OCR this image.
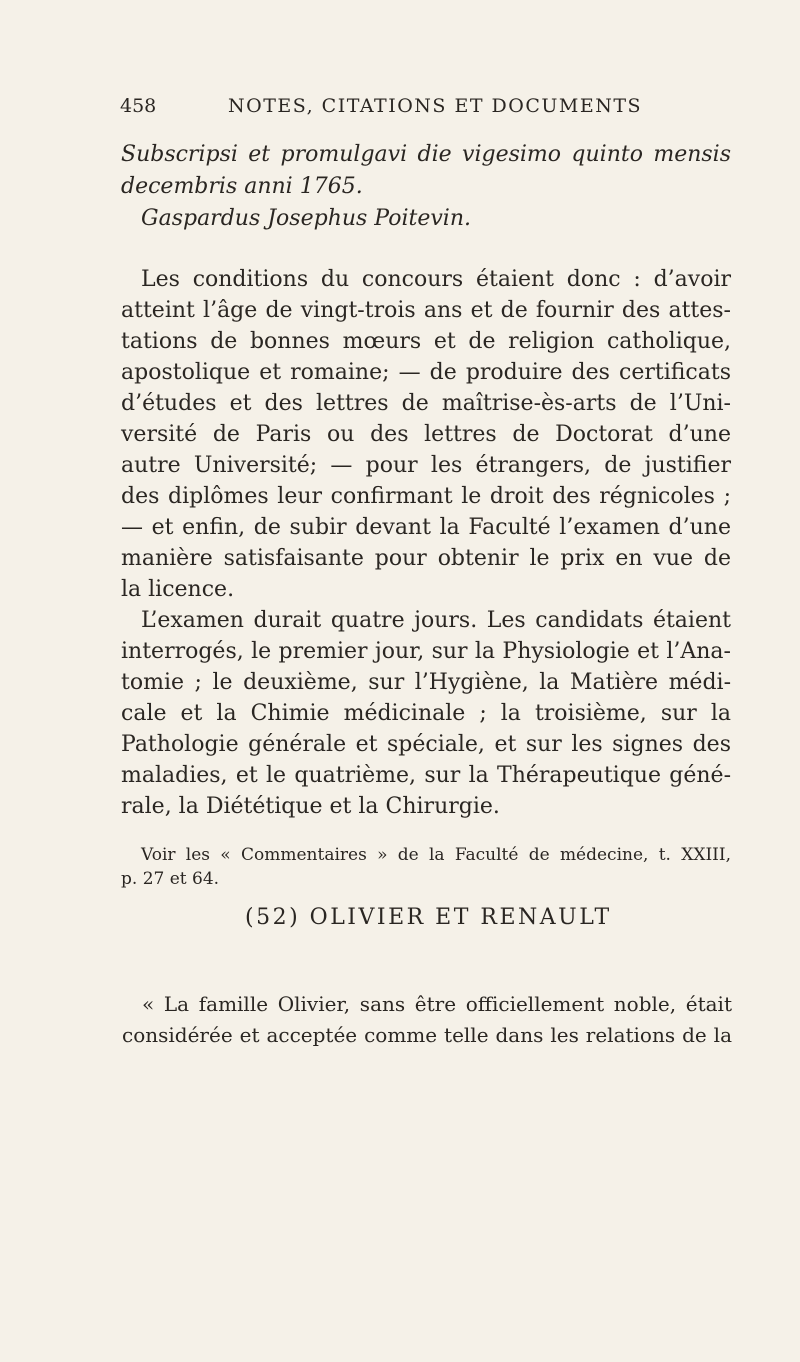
458	NOTES, CITATIONS ET DOCUMENTS
Subscripsi et promulgavi die vigesimo quinto mensis
decembris anni 1765.
Gaspardus Josephus Poitevin.
Les conditions du concours étaient donc : d’avoir
atteint l’âge de vingt-trois ans et de fournir des attes-
tations de bonnes mœurs et de religion catholique,
apostolique et romaine; — de produire des certificats
d’études et des lettres de maîtrise-ès-arts de l’Uni-
versité de Paris ou des lettres de Doctorat d’une
autre Université; — pour les étrangers, de justifier
des diplômes leur confirmant le droit des régnicoles ;
— et enfin, de subir devant la Faculté l’examen d’une
manière satisfaisante pour obtenir le prix en vue de
la licence.
L’examen durait quatre jours. Les candidats étaient
interrogés, le premier jour, sur la Physiologie et l’Ana-
tomie ; le deuxième, sur l’Hygiène, la Matière médi-
cale et la Chimie médicinale ; la troisième, sur la
Pathologie générale et spéciale, et sur les signes des
maladies, et le quatrième, sur la Thérapeutique géné-
rale, la Diététique et la Chirurgie.
Voir les « Commentaires » de la Faculté de médecine, t. XXIII,
p. 27 et 64.
(52) OLIVIER ET RENAULT
« La famille Olivier, sans être officiellement noble, était
considérée et acceptée comme telle dans les relations de la
